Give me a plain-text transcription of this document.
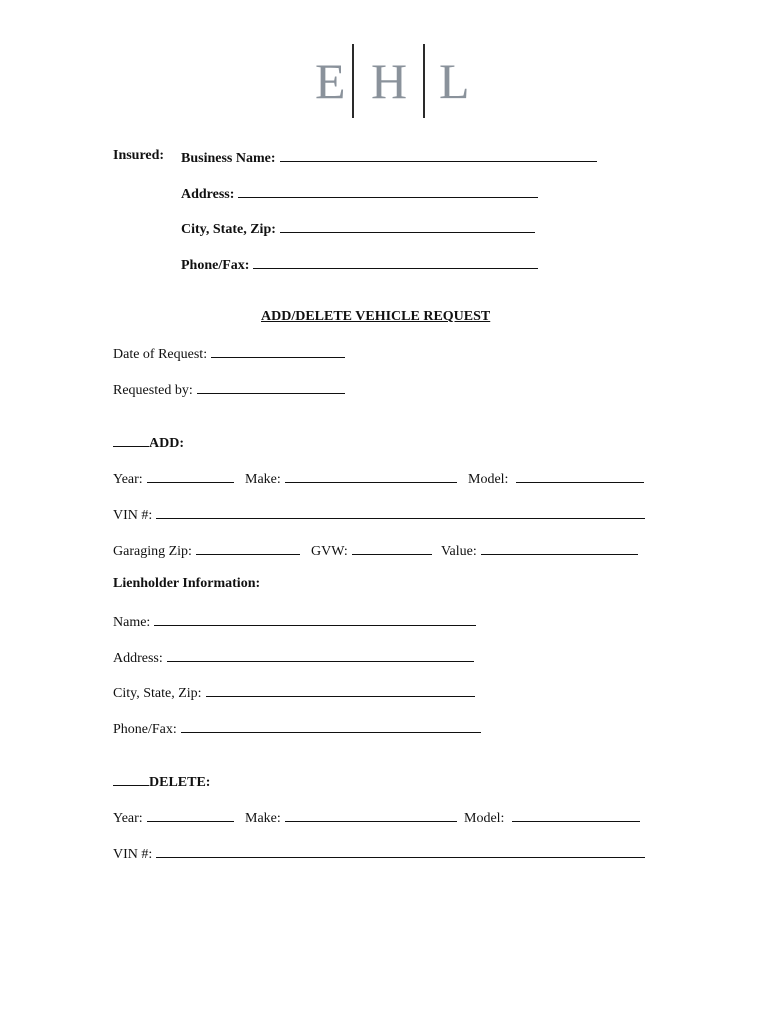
E H L
Insured: Business Name:
Address:
City, State, Zip:
Phone/Fax:
ADD/DELETE VEHICLE REQUEST
Date of Request:
Requested by:
ADD:
Year:	Make:	Model:
VIN #:
Garaging Zip:	GVW:	Value:
Lienholder Information:
Name:
Address:
City, State, Zip:
Phone/Fax:
DELETE:
Year:	Make:	Model:
VIN #:
